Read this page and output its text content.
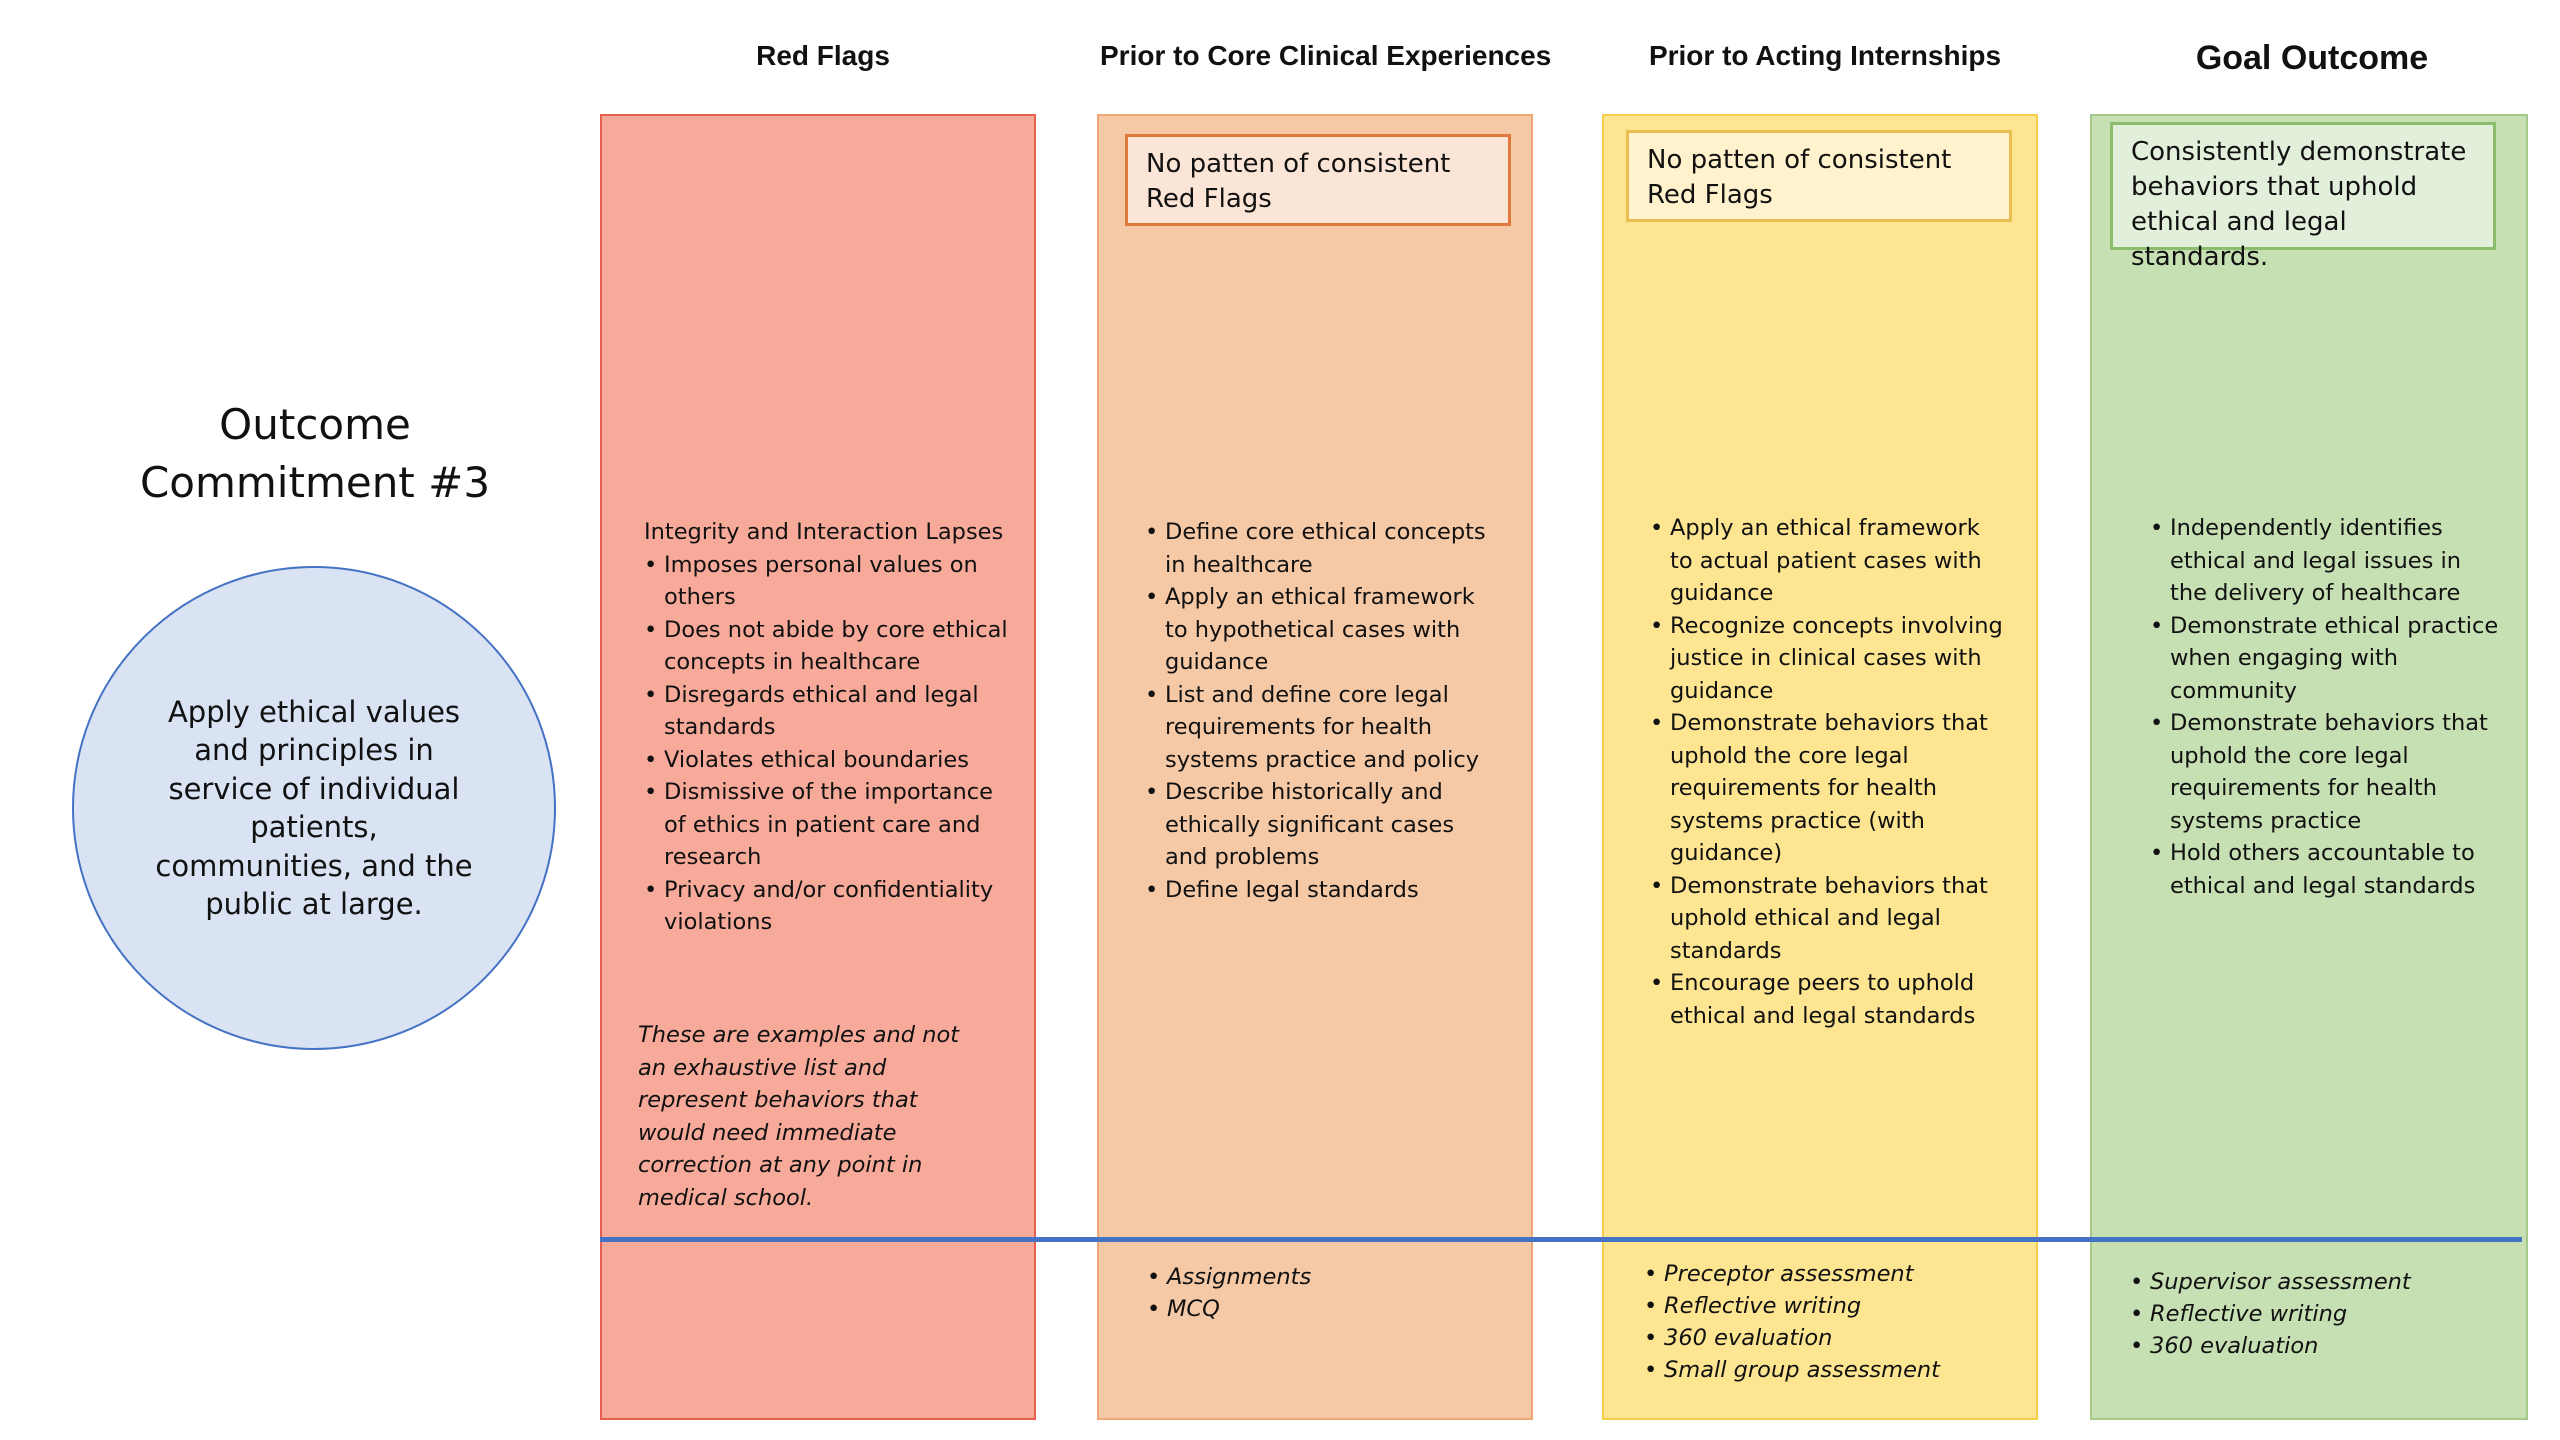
Outcome Commitment #3
Apply ethical values and principles in service of individual patients, communities, and the public at large.
Red Flags	Prior to Core Clinical Experiences	Prior to Acting Internships	Goal Outcome
Integrity and Interaction Lapses
• Imposes personal values on others
• Does not abide by core ethical concepts in healthcare
• Disregards ethical and legal standards
• Violates ethical boundaries
• Dismissive of the importance of ethics in patient care and research
• Privacy and/or confidentiality violations
These are examples and not an exhaustive list and represent behaviors that would need immediate correction at any point in medical school.
No patten of consistent Red Flags
• Define core ethical concepts in healthcare
• Apply an ethical framework to hypothetical cases with guidance
• List and define core legal requirements for health systems practice and policy
• Describe historically and ethically significant cases and problems
• Define legal standards
• Assignments
• MCQ
No patten of consistent Red Flags
• Apply an ethical framework to actual patient cases with guidance
• Recognize concepts involving justice in clinical cases with guidance
• Demonstrate behaviors that uphold the core legal requirements for health systems practice (with guidance)
• Demonstrate behaviors that uphold ethical and legal standards
• Encourage peers to uphold ethical and legal standards
• Preceptor assessment
• Reflective writing
• 360 evaluation
• Small group assessment
Consistently demonstrate behaviors that uphold ethical and legal standards.
• Independently identifies ethical and legal issues in the delivery of healthcare
• Demonstrate ethical practice when engaging with community
• Demonstrate behaviors that uphold the core legal requirements for health systems practice
• Hold others accountable to ethical and legal standards
• Supervisor assessment
• Reflective writing
• 360 evaluation
